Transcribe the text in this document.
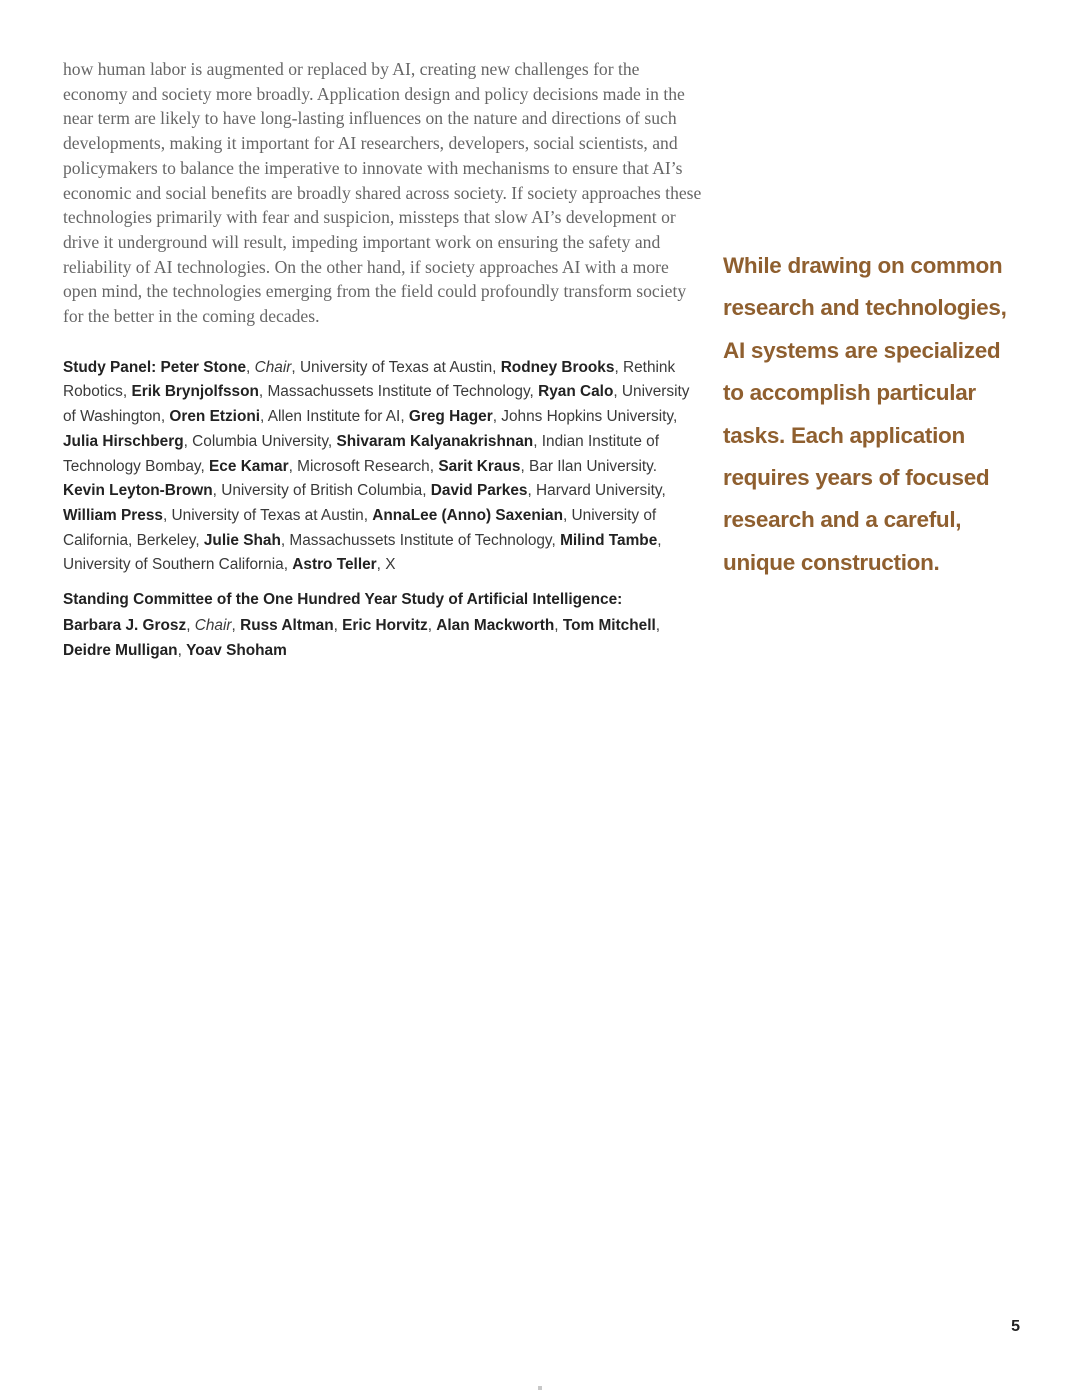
how human labor is augmented or replaced by AI, creating new challenges for the economy and society more broadly. Application design and policy decisions made in the near term are likely to have long-lasting influences on the nature and directions of such developments, making it important for AI researchers, developers, social scientists, and policymakers to balance the imperative to innovate with mechanisms to ensure that AI’s economic and social benefits are broadly shared across society. If society approaches these technologies primarily with fear and suspicion, missteps that slow AI’s development or drive it underground will result, impeding important work on ensuring the safety and reliability of AI technologies. On the other hand, if society approaches AI with a more open mind, the technologies emerging from the field could profoundly transform society for the better in the coming decades.

Study Panel: Peter Stone, Chair, University of Texas at Austin, Rodney Brooks, Rethink Robotics, Erik Brynjolfsson, Massachussets Institute of Technology, Ryan Calo, University of Washington, Oren Etzioni, Allen Institute for AI, Greg Hager, Johns Hopkins University, Julia Hirschberg, Columbia University, Shivaram Kalyanakrishnan, Indian Institute of Technology Bombay, Ece Kamar, Microsoft Research, Sarit Kraus, Bar Ilan University. Kevin Leyton-Brown, University of British Columbia, David Parkes, Harvard University, William Press, University of Texas at Austin, AnnaLee (Anno) Saxenian, University of California, Berkeley, Julie Shah, Massachussets Institute of Technology, Milind Tambe, University of Southern California, Astro Teller, X

Standing Committee of the One Hundred Year Study of Artificial Intelligence:

Barbara J. Grosz, Chair, Russ Altman, Eric Horvitz, Alan Mackworth, Tom Mitchell, Deidre Mulligan, Yoav Shoham

While drawing on common research and technologies, AI systems are specialized to accomplish particular tasks. Each application requires years of focused research and a careful, unique construction.

5
